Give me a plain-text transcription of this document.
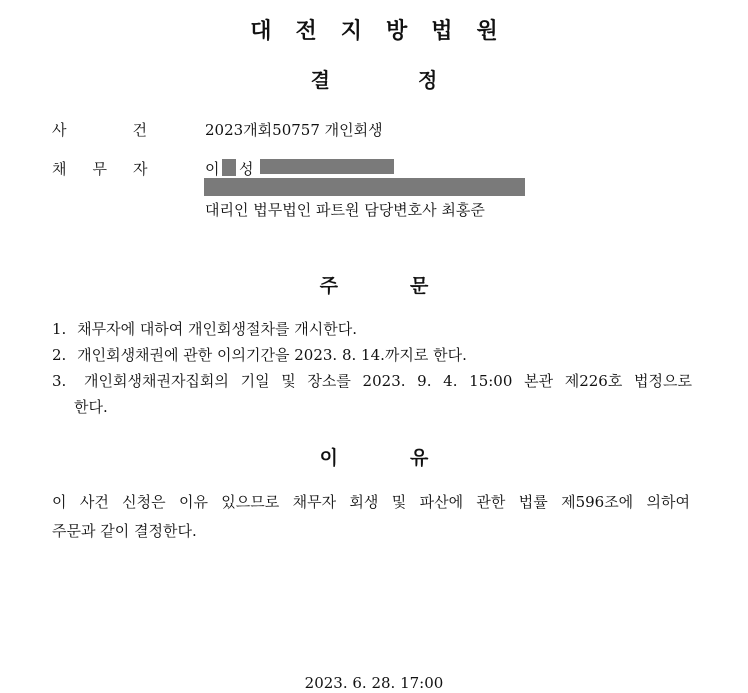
대전지방법원
결정
사건
2023개회50757 개인회생
채무자 이 성
대리인 법무법인 파트원 담당변호사 최홍준
주문
1. 채무자에 대하여 개인회생절차를 개시한다.
2. 개인회생채권에 관한 이의기간을 2023. 8. 14.까지로 한다.
3. 개인회생채권자집회의 기일 및 장소를 2023. 9. 4. 15:00 본관 제226호 법정으로
한다.
이유
이 사건 신청은 이유 있으므로 채무자 회생 및 파산에 관한 법률 제596조에 의하여
주문과 같이 결정한다.
2023. 6. 28. 17:00
